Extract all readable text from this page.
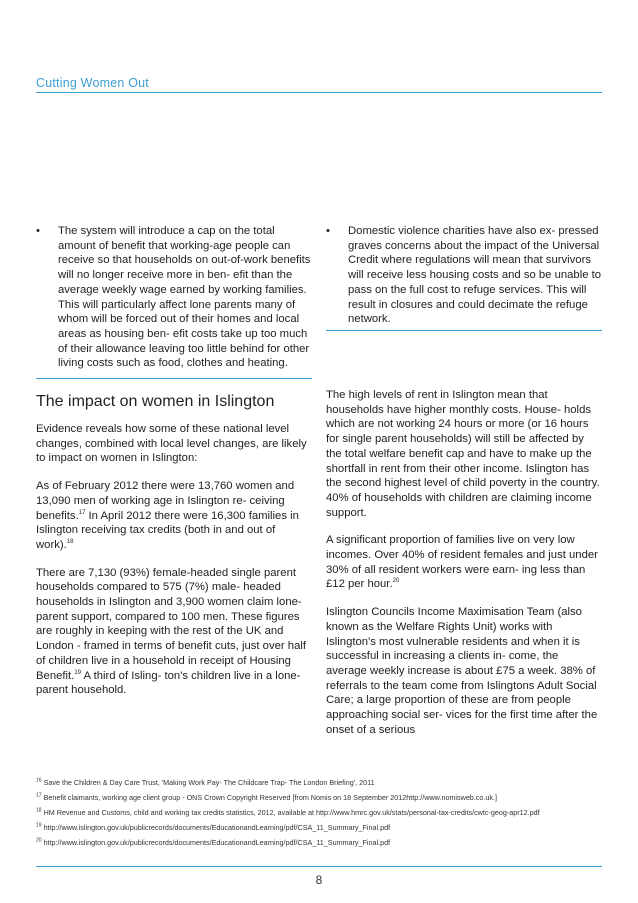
Cutting Women Out
• The system will introduce a cap on the total amount of benefit that working-age people can receive so that households on out-of-work benefits will no longer receive more in ben- efit than the average weekly wage earned by working families. This will particularly affect lone parents many of whom will be forced out of their homes and local areas as housing ben- efit costs take up too much of their allowance leaving too little behind for other living costs such as food, clothes and heating.
• Domestic violence charities have also ex- pressed graves concerns about the impact of the Universal Credit where regulations will mean that survivors will receive less housing costs and so be unable to pass on the full cost to refuge services. This will result in closures and could decimate the refuge network.
The impact on women in Islington

Evidence reveals how some of these national level changes, combined with local level changes, are likely to impact on women in Islington:

As of February 2012 there were 13,760 women and 13,090 men of working age in Islington re- ceiving benefits.$^{17}$ In April 2012 there were 16,300 families in Islington receiving tax credits (both in and out of work).$^{18}$

There are 7,130 (93%) female-headed single parent households compared to 575 (7%) male- headed households in Islington and 3,900 women claim lone-parent support, compared to 100 men. These figures are roughly in keeping with the rest of the UK and London - framed in terms of benefit cuts, just over half of children live in a household in receipt of Housing Benefit.$^{19}$ A third of Isling- ton's children live in a lone-parent household.

The high levels of rent in Islington mean that households have higher monthly costs. House- holds which are not working 24 hours or more (or 16 hours for single parent households) will still be affected by the total welfare benefit cap and have to make up the shortfall in rent from their other income. Islington has the second highest level of child poverty in the country. 40% of households with children are claiming income support.

A significant proportion of families live on very low incomes. Over 40% of resident females and just under 30% of all resident workers were earn- ing less than £12 per hour.$^{20}$

Islington Councils Income Maximisation Team (also known as the Welfare Rights Unit) works with Islington's most vulnerable residents and when it is successful in increasing a clients in- come, the average weekly increase is about £75 a week. 38% of referrals to the team come from Islingtons Adult Social Care; a large proportion of these are from people approaching social ser- vices for the first time after the onset of a serious

$^{16}$ Save the Children & Day Care Trust, 'Making Work Pay- The Childcare Trap- The London Briefing', 2011
$^{17}$ Benefit claimants, working age client group - ONS Crown Copyright Reserved [from Nomis on 18 September 2012http://www.nomisweb.co.uk.]
$^{18}$ HM Revenue and Customs, child and working tax credits statistics, 2012, available at http://www.hmrc.gov.uk/stats/personal-tax-credits/cwtc-geog-apr12.pdf
$^{19}$ http://www.islington.gov.uk/publicrecords/documents/EducationandLearning/pdf/CSA_11_Summary_Final.pdf
$^{20}$ http://www.islington.gov.uk/publicrecords/documents/EducationandLearning/pdf/CSA_11_Summary_Final.pdf
8
